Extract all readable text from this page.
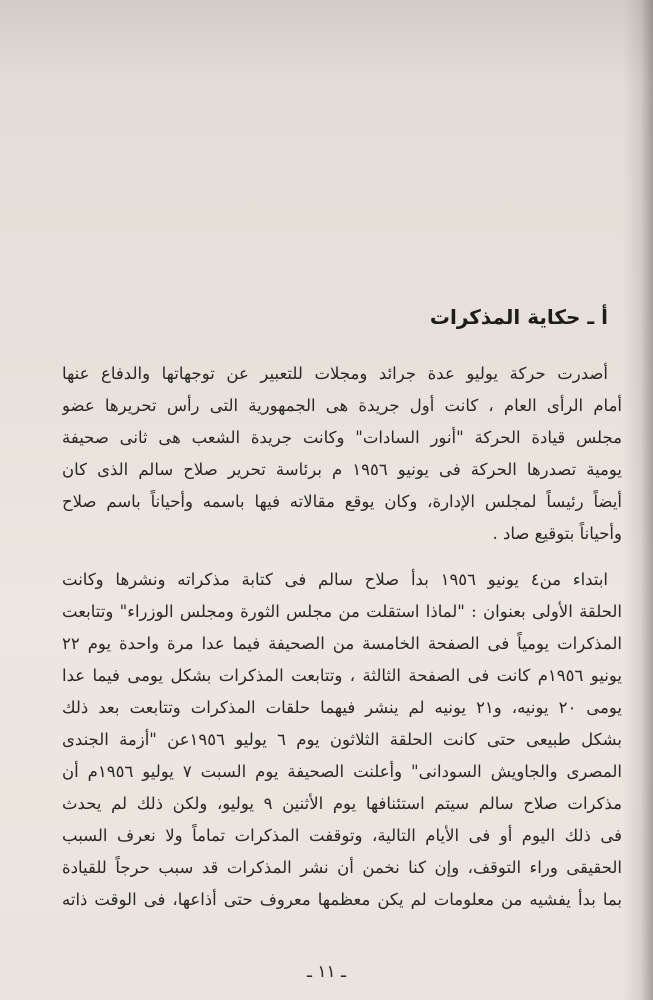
أ ـ حكاية المذكرات
أصدرت حركة يوليو عدة جرائد ومجلات للتعبير عن توجهاتها والدفاع عنها
أمام الرأى العام ، كانت أول جريدة هى الجمهورية التى رأس تحريرها عضو
مجلس قيادة الحركة "أنور السادات" وكانت جريدة الشعب هى ثانى صحيفة
يومية تصدرها الحركة فى يونيو ١٩٥٦ م برئاسة تحرير صلاح سالم الذى كان
أيضاً رئيساً لمجلس الإدارة، وكان يوقع مقالاته فيها باسمه وأحياناً باسم صلاح
وأحياناً بتوقيع صاد .
ابتداء من٤ يونيو ١٩٥٦ بدأ صلاح سالم فى كتابة مذكراته ونشرها وكانت
الحلقة الأولى بعنوان : "لماذا استقلت من مجلس الثورة ومجلس الوزراء" وتتابعت
المذكرات يومياً فى الصفحة الخامسة من الصحيفة فيما عدا مرة واحدة يوم ٢٢
يونيو ١٩٥٦م كانت فى الصفحة الثالثة ، وتتابعت المذكرات بشكل يومى فيما عدا
يومى ٢٠ يونيه، و٢١ يونيه لم ينشر فيهما حلقات المذكرات وتتابعت بعد ذلك
بشكل طبيعى حتى كانت الحلقة الثلاثون يوم ٦ يوليو ١٩٥٦عن "أزمة الجندى
المصرى والجاويش السودانى" وأعلنت الصحيفة يوم السبت ٧ يوليو ١٩٥٦م أن
مذكرات صلاح سالم سيتم استئنافها يوم الأثنين ٩ يوليو، ولكن ذلك لم يحدث
فى ذلك اليوم أو فى الأيام التالية، وتوقفت المذكرات تماماً ولا نعرف السبب
الحقيقى وراء التوقف، وإن كنا نخمن أن نشر المذكرات قد سبب حرجاً للقيادة
بما بدأ يفشيه من معلومات لم يكن معظمها معروف حتى أذاعها، فى الوقت ذاته

ـ ١١ ـ
